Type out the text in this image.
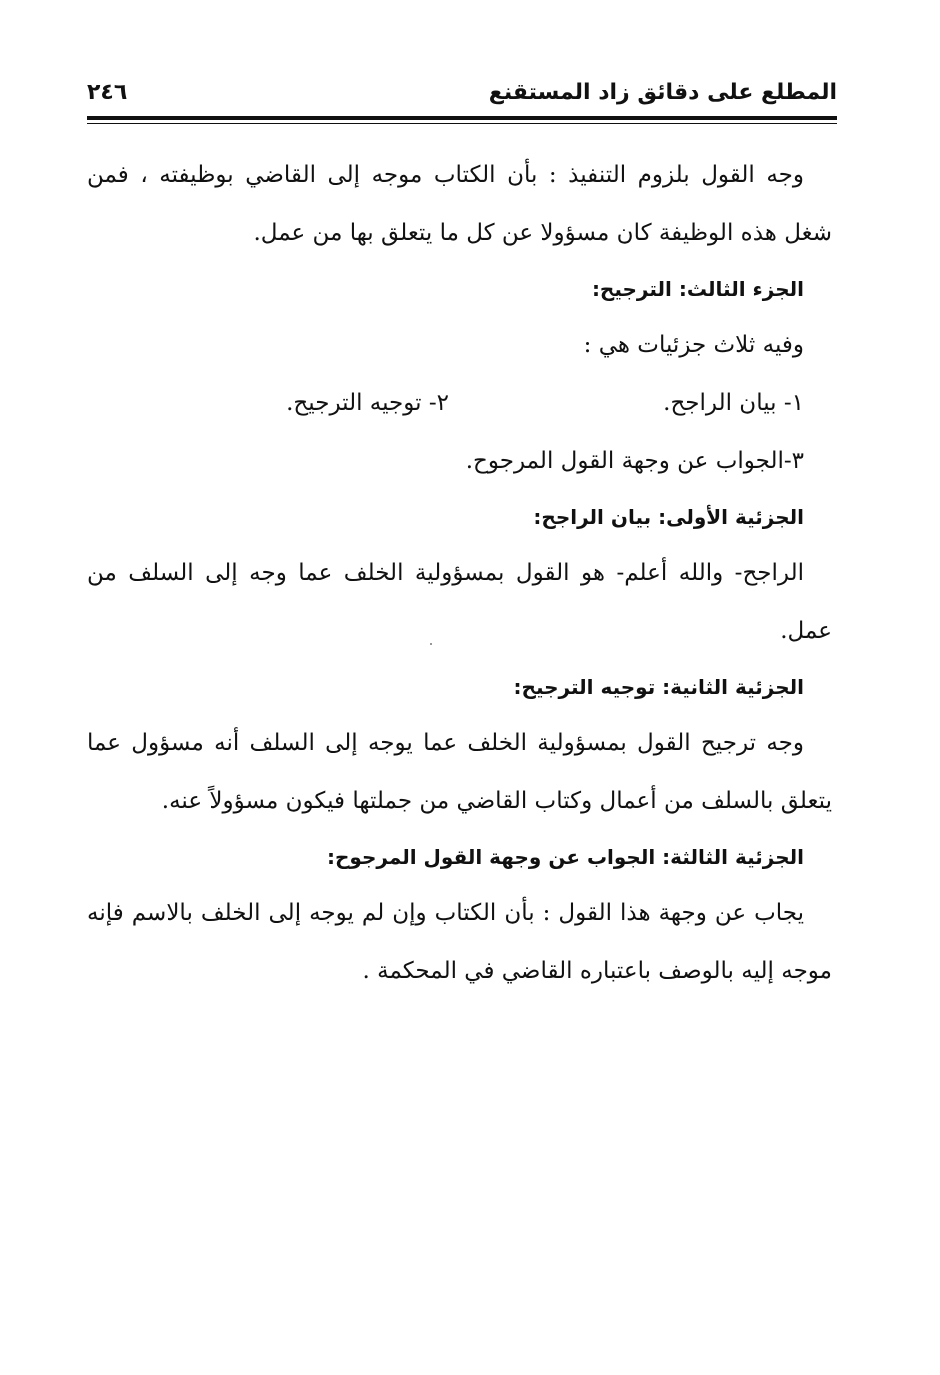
المطلع على دقائق زاد المستقنع
٢٤٦

وجه القول بلزوم التنفيذ : بأن الكتاب موجه إلى القاضي بوظيفته ، فمن شغل هذه الوظيفة كان مسؤولا عن كل ما يتعلق بها من عمل.

الجزء الثالث: الترجيح:

وفيه ثلاث جزئيات هي :

١- بيان الراجح.
٢- توجيه الترجيح.

٣-الجواب عن وجهة القول المرجوح.

الجزئية الأولى: بيان الراجح:

الراجح- والله أعلم- هو القول بمسؤولية الخلف عما وجه إلى السلف من عمل.

الجزئية الثانية: توجيه الترجيح:

وجه ترجيح القول بمسؤولية الخلف عما يوجه إلى السلف أنه مسؤول عما يتعلق بالسلف من أعمال وكتاب القاضي من جملتها فيكون مسؤولاً عنه.

الجزئية الثالثة: الجواب عن وجهة القول المرجوح:

يجاب عن وجهة هذا القول : بأن الكتاب وإن لم يوجه إلى الخلف بالاسم فإنه موجه إليه بالوصف باعتباره القاضي في المحكمة .
